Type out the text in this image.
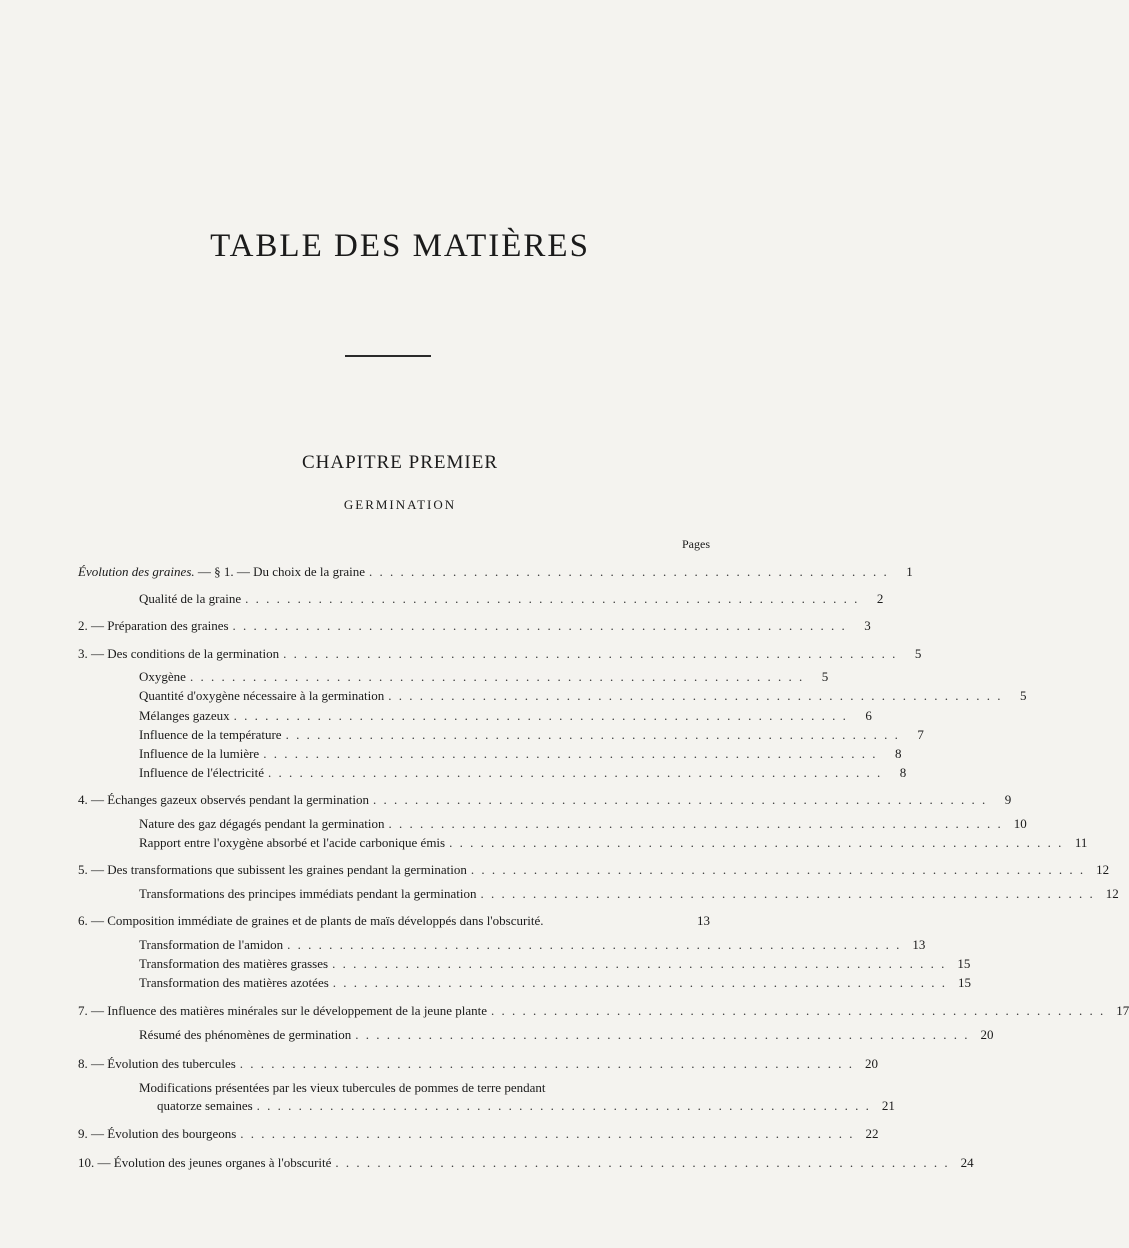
TABLE DES MATIÈRES
CHAPITRE PREMIER
GERMINATION
Pages
Évolution des graines. — § 1. — Du choix de la graine . . . . . . . . . . . . . . . . . . . . . . . . . . . . . . . . . . . . . . . . . . . . . . . . . .	1
Qualité de la graine . . . . . . . . . . . . . . . . . . . . . . . . . . . . . . . . . . . . . . . . . . . . . . . . . . . . . . . . . . .	2
2. — Préparation des graines . . . . . . . . . . . . . . . . . . . . . . . . . . . . . . . . . . . . . . . . . . . . . . . . . . . . . . . . . . .	3
3. — Des conditions de la germination . . . . . . . . . . . . . . . . . . . . . . . . . . . . . . . . . . . . . . . . . . . . . . . . . . . . . . . . . . .	5
Oxygène . . . . . . . . . . . . . . . . . . . . . . . . . . . . . . . . . . . . . . . . . . . . . . . . . . . . . . . . . . .	5
Quantité d'oxygène nécessaire à la germination . . . . . . . . . . . . . . . . . . . . . . . . . . . . . . . . . . . . . . . . . . . . . . . . . . . . . . . . . . .	5
Mélanges gazeux . . . . . . . . . . . . . . . . . . . . . . . . . . . . . . . . . . . . . . . . . . . . . . . . . . . . . . . . . . .	6
Influence de la température . . . . . . . . . . . . . . . . . . . . . . . . . . . . . . . . . . . . . . . . . . . . . . . . . . . . . . . . . . .	7
Influence de la lumière . . . . . . . . . . . . . . . . . . . . . . . . . . . . . . . . . . . . . . . . . . . . . . . . . . . . . . . . . . .	8
Influence de l'électricité . . . . . . . . . . . . . . . . . . . . . . . . . . . . . . . . . . . . . . . . . . . . . . . . . . . . . . . . . . .	8
4. — Échanges gazeux observés pendant la germination . . . . . . . . . . . . . . . . . . . . . . . . . . . . . . . . . . . . . . . . . . . . . . . . . . . . . . . . . . .	9
Nature des gaz dégagés pendant la germination . . . . . . . . . . . . . . . . . . . . . . . . . . . . . . . . . . . . . . . . . . . . . . . . . . . . . . . . . . . 10
Rapport entre l'oxygène absorbé et l'acide carbonique émis . . . . . . . . . . . . . . . . . . . . . . . . . . . . . . . . . . . . . . . . . . . . . . . . . . . . . . . . . . . 11
5. — Des transformations que subissent les graines pendant la germination . . . . . . . . . . . . . . . . . . . . . . . . . . . . . . . . . . . . . . . . . . . . . . . . . . . . . . . . . . . 12
Transformations des principes immédiats pendant la germination . . . . . . . . . . . . . . . . . . . . . . . . . . . . . . . . . . . . . . . . . . . . . . . . . . . . . . . . . . . 12
6. — Composition immédiate de graines et de plants de maïs développés dans l'obscurité.	13
Transformation de l'amidon . . . . . . . . . . . . . . . . . . . . . . . . . . . . . . . . . . . . . . . . . . . . . . . . . . . . . . . . . . . 13
Transformation des matières grasses . . . . . . . . . . . . . . . . . . . . . . . . . . . . . . . . . . . . . . . . . . . . . . . . . . . . . . . . . . . 15
Transformation des matières azotées . . . . . . . . . . . . . . . . . . . . . . . . . . . . . . . . . . . . . . . . . . . . . . . . . . . . . . . . . . . 15
7. — Influence des matières minérales sur le développement de la jeune plante . . . . . . . . . . . . . . . . . . . . . . . . . . . . . . . . . . . . . . . . . . . . . . . . . . . . . . . . . . . 17
Résumé des phénomènes de germination . . . . . . . . . . . . . . . . . . . . . . . . . . . . . . . . . . . . . . . . . . . . . . . . . . . . . . . . . . . 20
8. — Évolution des tubercules . . . . . . . . . . . . . . . . . . . . . . . . . . . . . . . . . . . . . . . . . . . . . . . . . . . . . . . . . . . 20
Modifications présentées par les vieux tubercules de pommes de terre pendant
quatorze semaines . . . . . . . . . . . . . . . . . . . . . . . . . . . . . . . . . . . . . . . . . . . . . . . . . . . . . . . . . . . 21
9. — Évolution des bourgeons . . . . . . . . . . . . . . . . . . . . . . . . . . . . . . . . . . . . . . . . . . . . . . . . . . . . . . . . . . . 22
10. — Évolution des jeunes organes à l'obscurité . . . . . . . . . . . . . . . . . . . . . . . . . . . . . . . . . . . . . . . . . . . . . . . . . . . . . . . . . . . 24
